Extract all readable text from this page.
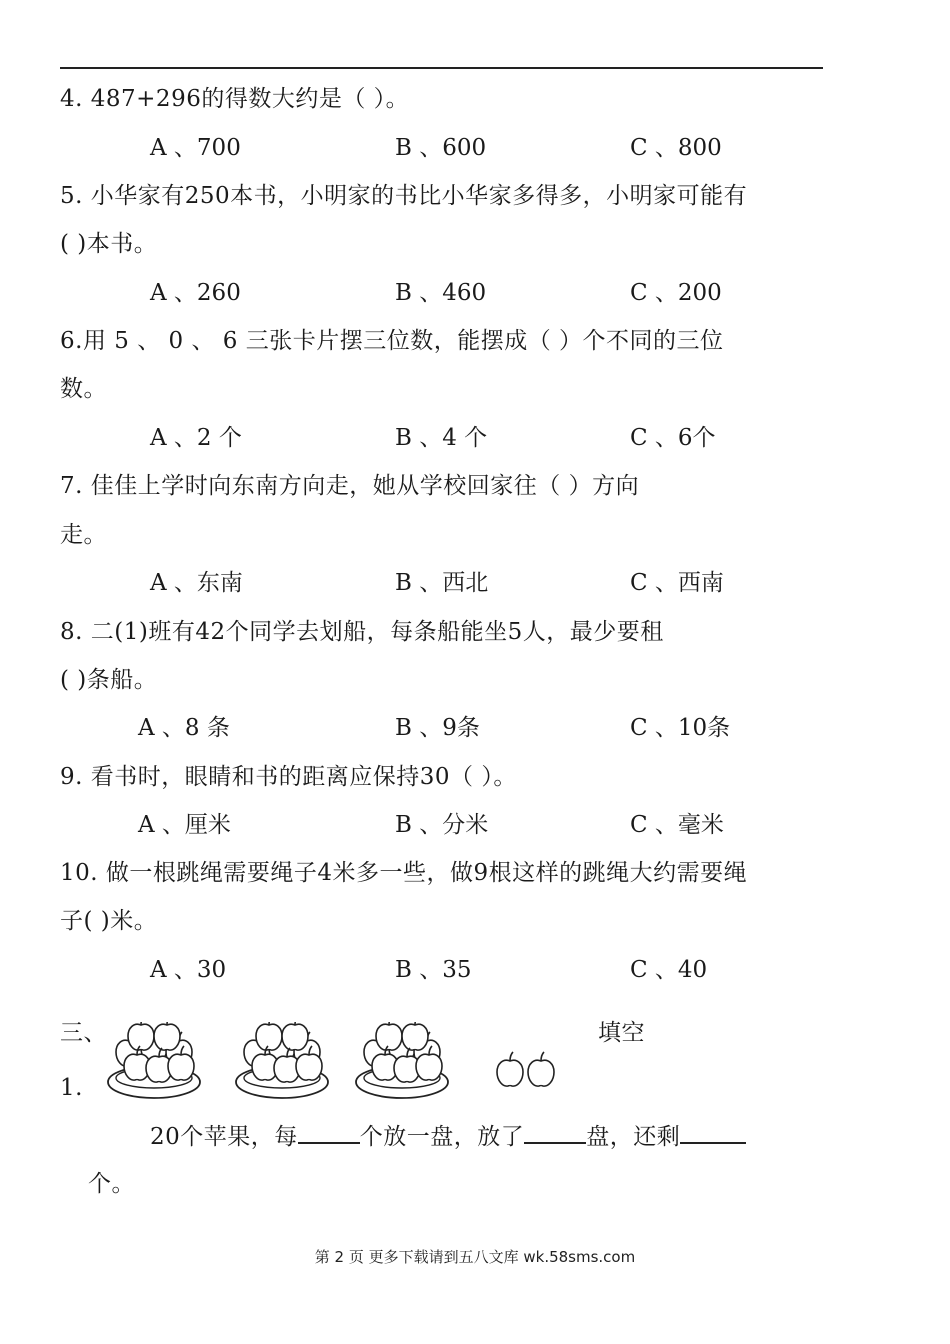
4. 487+296的得数大约是（ ）。
A 、700	B 、600	C 、800
5. 小华家有250本书，小明家的书比小华家多得多，小明家可能有
( )本书。
A 、260	B 、460	C 、200
6.用 5 、 0 、 6 三张卡片摆三位数，能摆成（ ）个不同的三位
数。
A 、2 个	B 、4 个	C 、6个
7. 佳佳上学时向东南方向走，她从学校回家往（ ）方向
走。
A 、东南	B 、西北	C 、西南
8. 二(1)班有42个同学去划船，每条船能坐5人，最少要租
( )条船。
A 、8 条	B 、9条	C 、10条
9. 看书时，眼睛和书的距离应保持30（ ）。
A 、厘米	B 、分米	C 、毫米
10. 做一根跳绳需要绳子4米多一些，做9根这样的跳绳大约需要绳
子( )米。
A 、30	B 、35	C 、40
三、	填空
1.
20个苹果，每	个放一盘，放了	盘，还剩
个。
第 2 页 更多下载请到五八文库 wk.58sms.com
